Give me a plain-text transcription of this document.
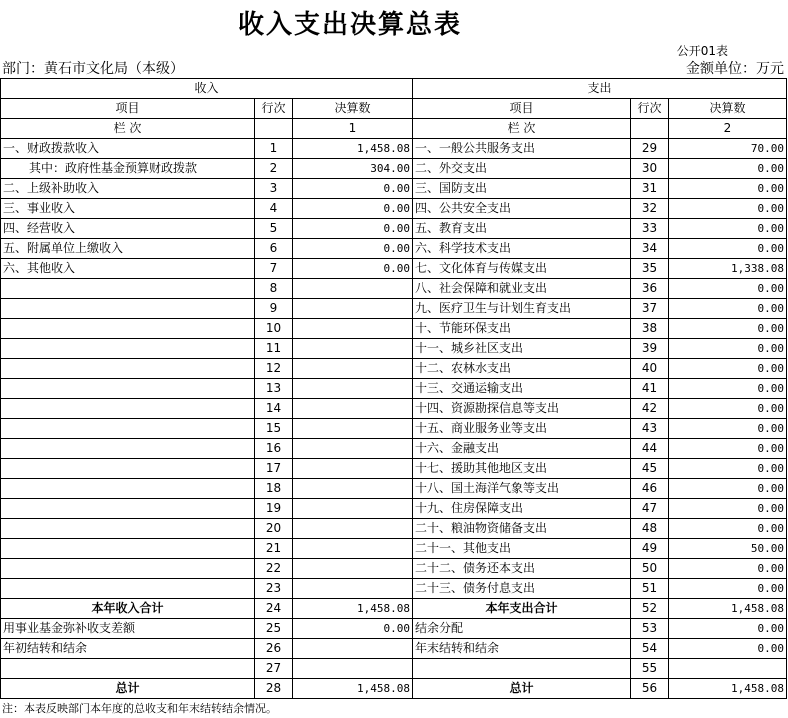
收入支出决算总表
公开01表
部门：黄石市文化局（本级）	金额单位：万元
收入			支出		
项目	行次	决算数	项目	行次	决算数
栏 次		1	栏 次		2
一、财政拨款收入	1	1,458.08	一、一般公共服务支出	29	70.00
其中：政府性基金预算财政拨款	2	304.00	二、外交支出	30	0.00
二、上级补助收入	3	0.00	三、国防支出	31	0.00
三、事业收入	4	0.00	四、公共安全支出	32	0.00
四、经营收入	5	0.00	五、教育支出	33	0.00
五、附属单位上缴收入	6	0.00	六、科学技术支出	34	0.00
六、其他收入	7	0.00	七、文化体育与传媒支出	35	1,338.08
	8		八、社会保障和就业支出	36	0.00
	9		九、医疗卫生与计划生育支出	37	0.00
	10		十、节能环保支出	38	0.00
	11		十一、城乡社区支出	39	0.00
	12		十二、农林水支出	40	0.00
	13		十三、交通运输支出	41	0.00
	14		十四、资源勘探信息等支出	42	0.00
	15		十五、商业服务业等支出	43	0.00
	16		十六、金融支出	44	0.00
	17		十七、援助其他地区支出	45	0.00
	18		十八、国土海洋气象等支出	46	0.00
	19		十九、住房保障支出	47	0.00
	20		二十、粮油物资储备支出	48	0.00
	21		二十一、其他支出	49	50.00
	22		二十二、债务还本支出	50	0.00
	23		二十三、债务付息支出	51	0.00
本年收入合计	24	1,458.08	本年支出合计	52	1,458.08
用事业基金弥补收支差额	25	0.00	结余分配	53	0.00
年初结转和结余	26		年末结转和结余	54	0.00
	27			55	
总计	28	1,458.08	总计	56	1,458.08
注：本表反映部门本年度的总收支和年末结转结余情况。
